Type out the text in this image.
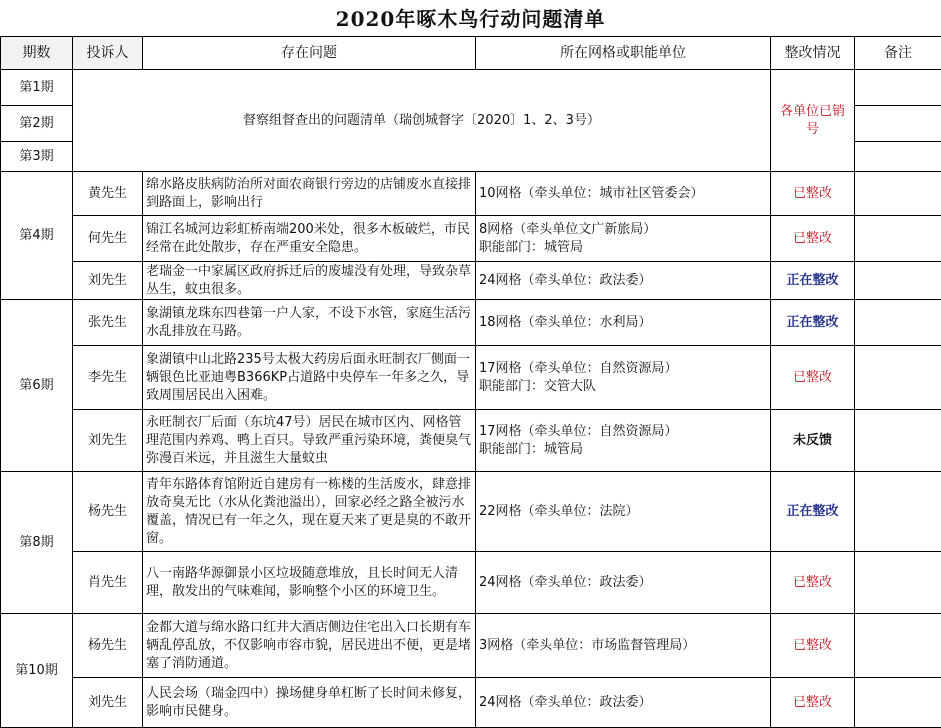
2020年啄木鸟行动问题清单
期数	投诉人	存在问题	所在网格或职能单位	整改情况	备注
第1期	督察组督查出的问题清单（瑞创城督字〔2020〕1、2、3号）			各单位已销号	
第2期					
第3期					
第4期	黄先生	绵水路皮肤病防治所对面农商银行旁边的店铺废水直接排到路面上，影响出行	10网格（牵头单位：城市社区管委会）	已整改	
	何先生	锦江名城河边彩虹桥南端200米处，很多木板破烂，市民经常在此处散步，存在严重安全隐患。	8网格（牵头单位文广新旅局）
职能部门：城管局	已整改	
	刘先生	老瑞金一中家属区政府拆迁后的废墟没有处理，导致杂草丛生，蚊虫很多。	24网格（牵头单位：政法委）	正在整改	
第6期	张先生	象湖镇龙珠东四巷第一户人家，不设下水管，家庭生活污水乱排放在马路。	18网格（牵头单位：水利局）	正在整改	
	李先生	象湖镇中山北路235号太极大药房后面永旺制衣厂侧面一辆银色比亚迪粤B366KP占道路中央停车一年多之久，导致周围居民出入困难。	17网格（牵头单位：自然资源局）
职能部门：交管大队	已整改	
	刘先生	永旺制衣厂后面（东坑47号）居民在城市区内、网格管理范围内养鸡、鸭上百只。导致严重污染环境，粪便臭气弥漫百米远，并且滋生大量蚊虫	17网格（牵头单位：自然资源局）
职能部门：城管局	未反馈	
第8期	杨先生	青年东路体育馆附近自建房有一栋楼的生活废水，肆意排放奇臭无比（水从化粪池溢出），回家必经之路全被污水覆盖，情况已有一年之久，现在夏天来了更是臭的不敢开窗。	22网格（牵头单位：法院）	正在整改	
	肖先生	八一南路华源御景小区垃圾随意堆放，且长时间无人清理，散发出的气味难闻，影响整个小区的环境卫生。	24网格（牵头单位：政法委）	已整改	
第10期	杨先生	金都大道与绵水路口红井大酒店侧边住宅出入口长期有车辆乱停乱放，不仅影响市容市貌，居民进出不便，更是堵塞了消防通道。	3网格（牵头单位：市场监督管理局）	已整改	
	刘先生	人民会场（瑞金四中）操场健身单杠断了长时间未修复，影响市民健身。	24网格（牵头单位：政法委）	已整改	
